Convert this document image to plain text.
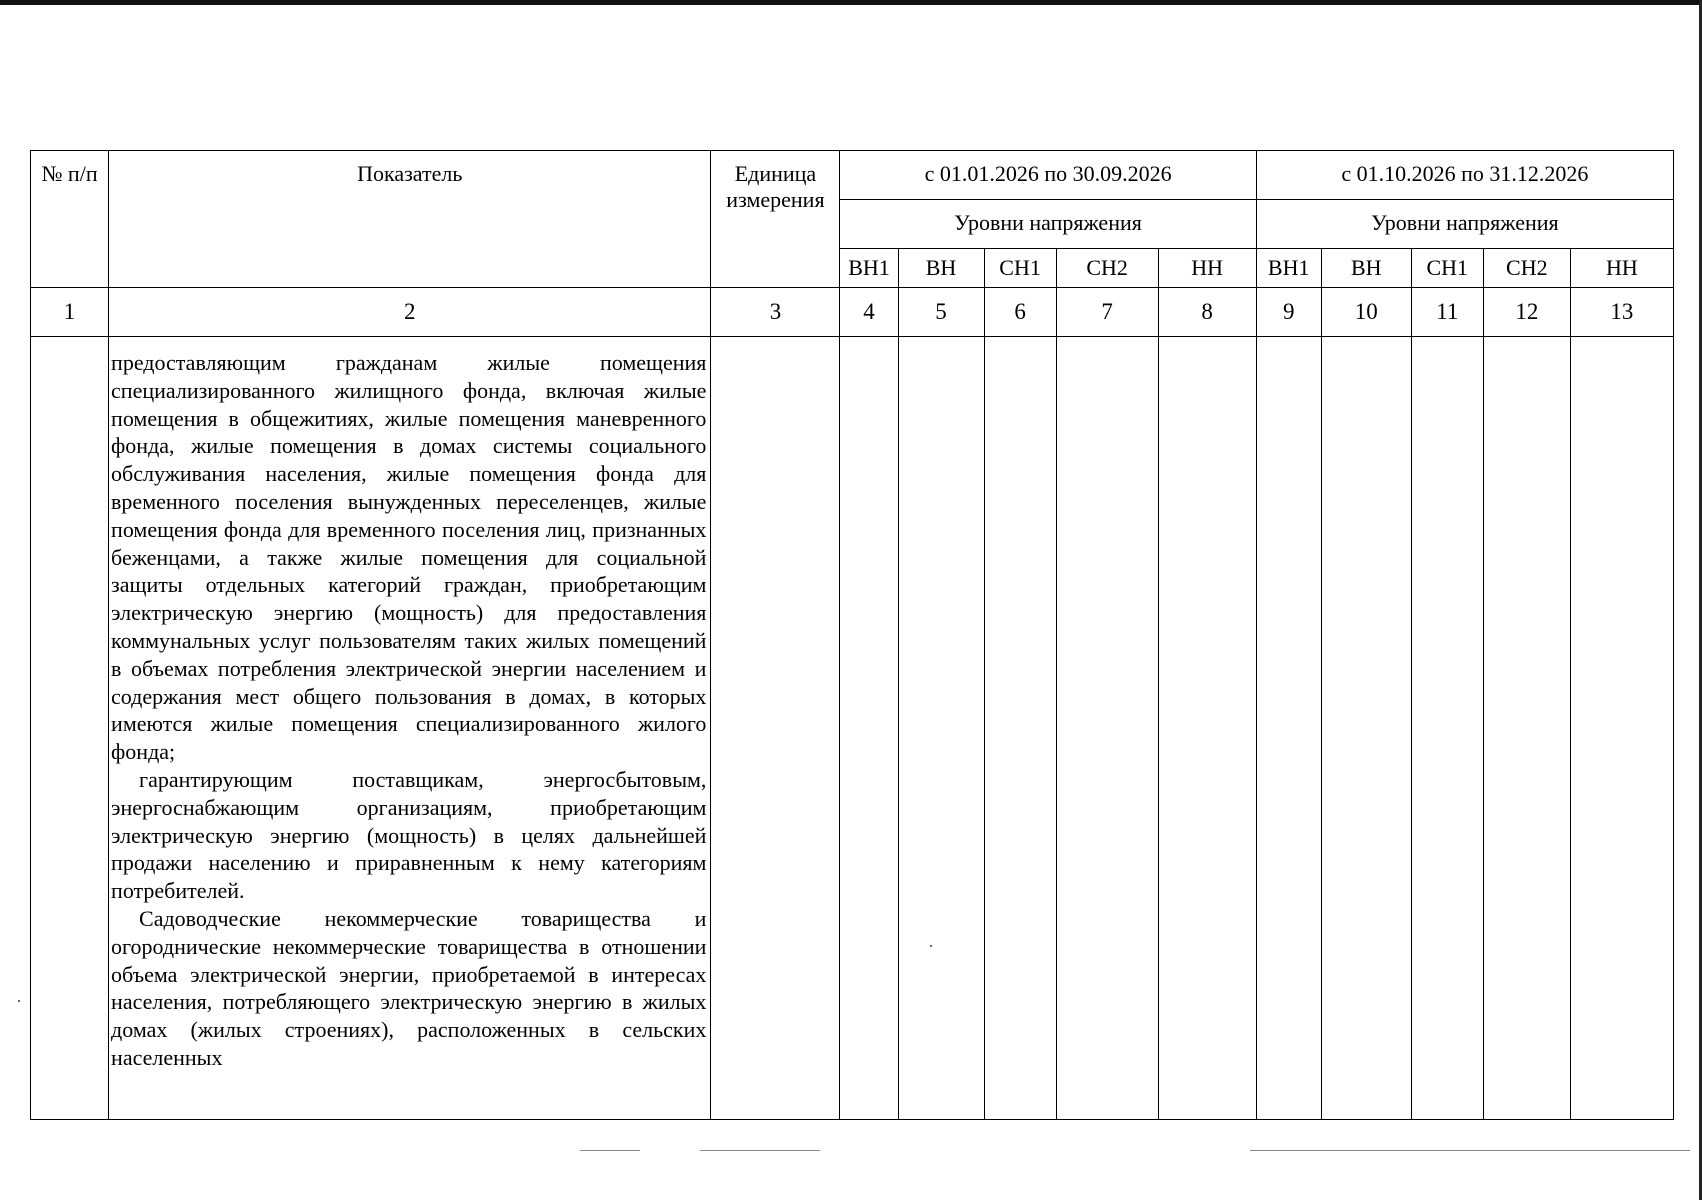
№ п/п	Показатель	Единица измерения	с 01.01.2026 по 30.09.2026					с 01.10.2026 по 31.12.2026				
			Уровни напряжения					Уровни напряжения				
			ВН1	ВН	СН1	СН2	НН	ВН1	ВН	СН1	СН2	НН
1	2	3	4	5	6	7	8	9	10	11	12	13

	предоставляющим гражданам жилые помещения специализированного жилищного фонда, включая жилые помещения в общежитиях, жилые помещения маневренного фонда, жилые помещения в домах системы социального обслуживания населения, жилые помещения фонда для временного поселения вынужденных переселенцев, жилые помещения фонда для временного поселения лиц, признанных беженцами, а также жилые помещения для социальной защиты отдельных категорий граждан, приобретающим электрическую энергию (мощность) для предоставления коммунальных услуг пользователям таких жилых помещений в объемах потребления электрической энергии населением и содержания мест общего пользования в домах, в которых имеются жилые помещения специализированного жилого фонда;

гарантирующим поставщикам, энергосбытовым, энергоснабжающим организациям, приобретающим электрическую энергию (мощность) в целях дальнейшей продажи населению и приравненным к нему категориям потребителей.

Садоводческие некоммерческие товарищества и огороднические некоммерческие товарищества в отношении объема электрической энергии, приобретаемой в интересах населения, потребляющего электрическую энергию в жилых домах (жилых строениях), расположенных в сельских населенных											
